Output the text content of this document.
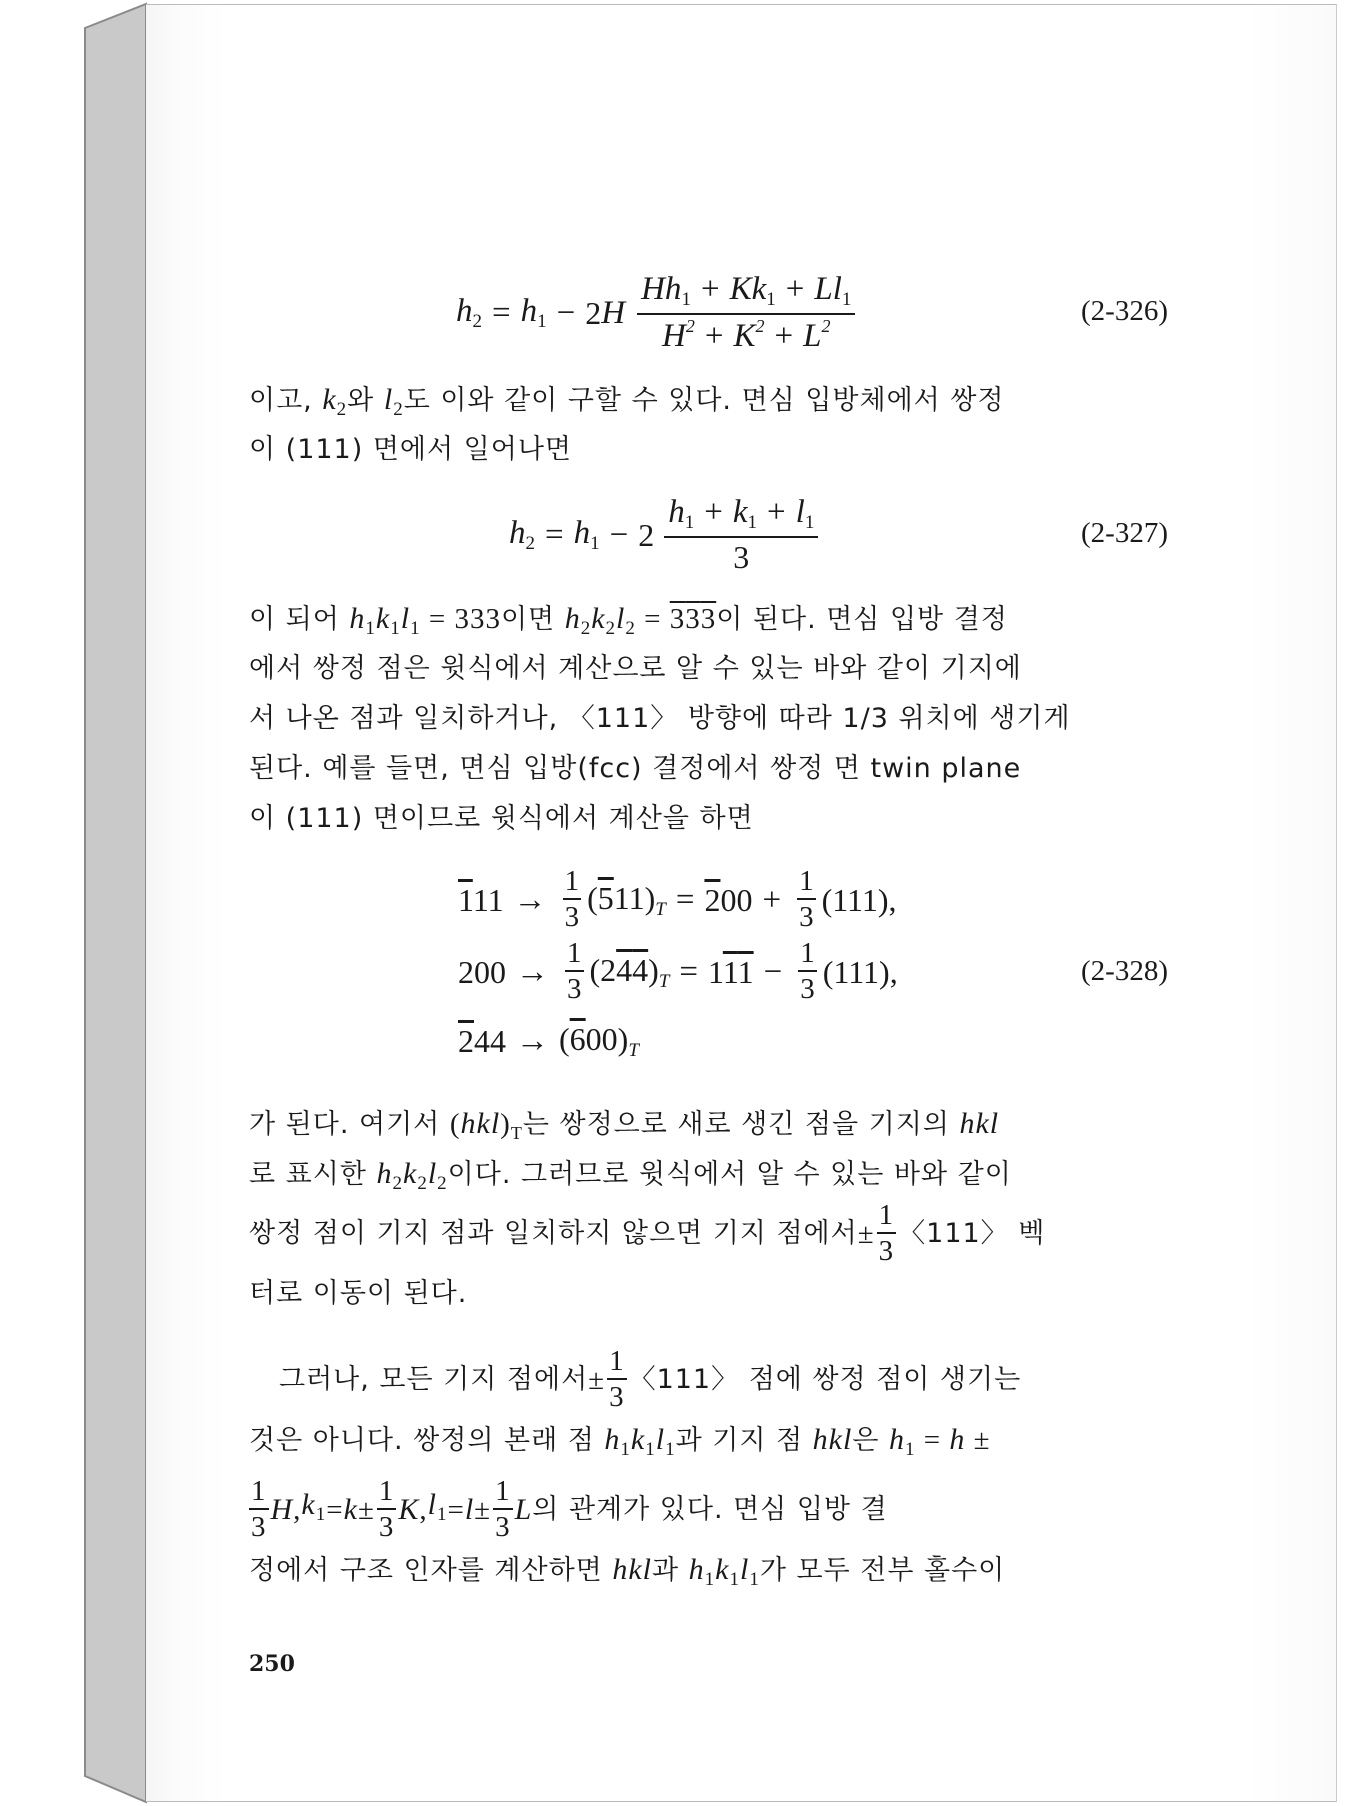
$h_2 = h_1 - 2$ H $\frac{Hh_1 + Kk_1 + Ll_1}{H^2 + K^2 + L^2}$	(2-326)
이고, $k_2$와 $l_2$도 이와 같이 구할 수 있다. 면심 입방체에서 쌍정
이 (111) 면에서 일어나면
$h_2 = h_1 - 2 \frac{h_1 + k_1 + l_1}{3}$	(2-327)
이 되어 $h_1k_1l_1 = 333$이면 $h_2k_2l_2 = 333$이 된다. 면심 입방 결정
에서 쌍정 점은 윗식에서 계산으로 알 수 있는 바와 같이 기지에
서 나온 점과 일치하거나, 〈111〉 방향에 따라 1/3 위치에 생기게
된다. 예를 들면, 면심 입방(fcc) 결정에서 쌍정 면 twin plane
이 (111) 면이므로 윗식에서 계산을 하면
$111 \to \frac{1}{3} (511)_T = 200 + \frac{1}{3} (111)$,
$200 \to \frac{1}{3} (244)_T = 111 - \frac{1}{3} (111)$,
$244 \to (600)_T$
(2-328)
가 된다. 여기서 $(hkl)_T$는 쌍정으로 새로 생긴 점을 기지의 hkl
로 표시한 $h_2k_2l_2$이다. 그러므로 윗식에서 알 수 있는 바와 같이
쌍정 점이 기지 점과 일치하지 않으면 기지 점에서 ± $\frac{1}{3}$ 〈111〉 벡
터로 이동이 된다.
그러나, 모든 기지 점에서 ± $\frac{1}{3}$ 〈111〉 점에 쌍정 점이 생기는
것은 아니다. 쌍정의 본래 점 $h_1k_1l_1$과 기지 점 hkl은 $h_1 = h$ ±
$\frac{1}{3}$ H , $k_1 = k \pm \frac{1}{3}$ K , $l_1 = l \pm \frac{1}{3}$ L 의 관계가 있다. 면심 입방 결
정에서 구조 인자를 계산하면 hkl과 $h_1k_1l_1$가 모두 전부 홀수이
250
